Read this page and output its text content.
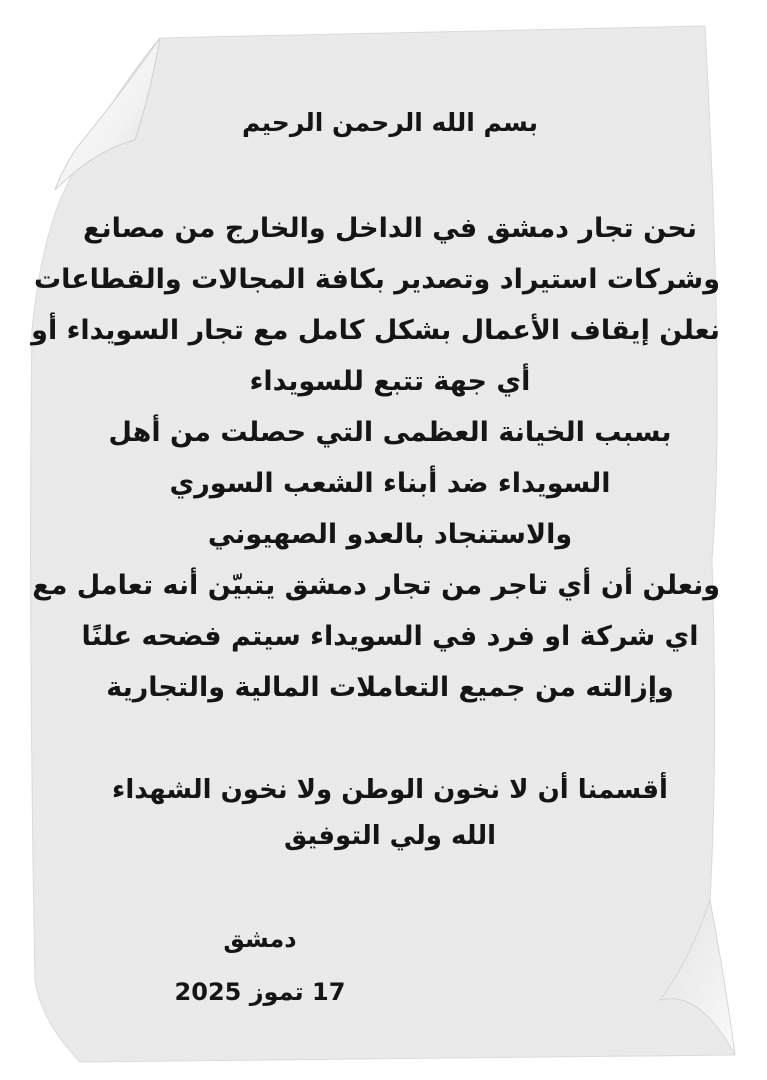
بسم الله الرحمن الرحيم
نحن تجار دمشق في الداخل والخارج من مصانع
وشركات استيراد وتصدير بكافة المجالات والقطاعات
نعلن إيقاف الأعمال بشكل كامل مع تجار السويداء أو
أي جهة تتبع للسويداء
بسبب الخيانة العظمى التي حصلت من أهل
السويداء ضد أبناء الشعب السوري
والاستنجاد بالعدو الصهيوني
ونعلن أن أي تاجر من تجار دمشق يتبيّن أنه تعامل مع
اي شركة او فرد في السويداء سيتم فضحه علنًا
وإزالته من جميع التعاملات المالية والتجارية
أقسمنا أن لا نخون الوطن ولا نخون الشهداء
الله ولي التوفيق
دمشق
17 تموز 2025
